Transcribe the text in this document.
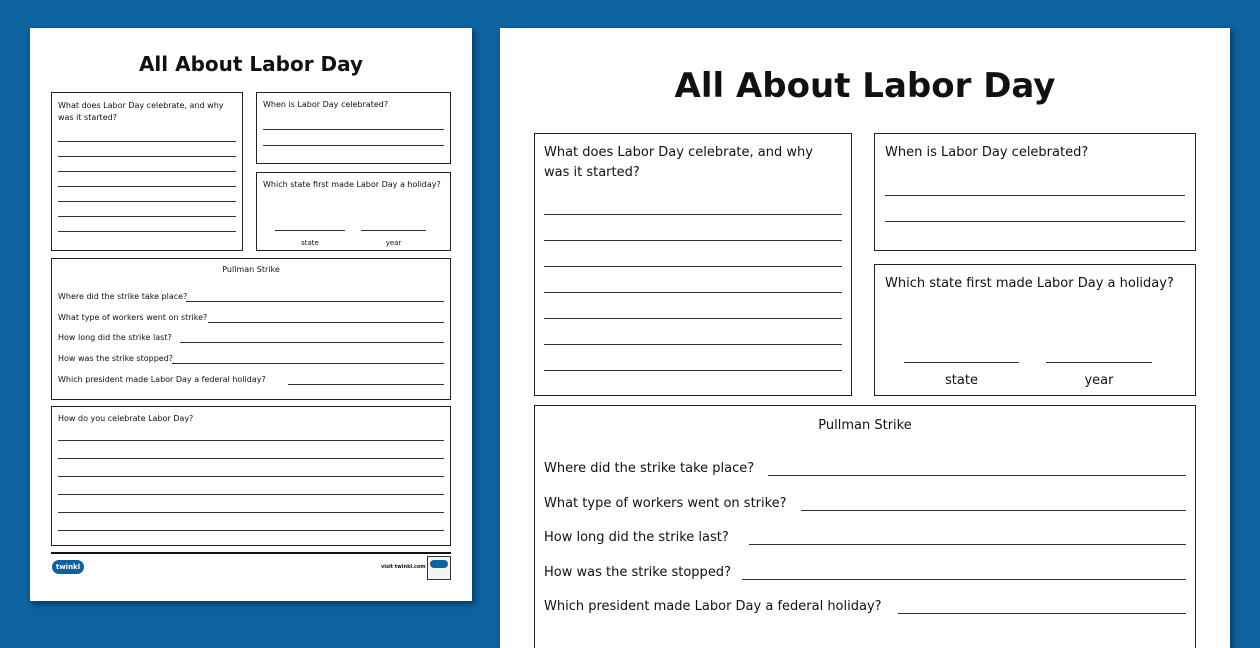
All About Labor Day
What does Labor Day celebrate, and why was it started?
When is Labor Day celebrated?
Which state first made Labor Day a holiday?
state	year
Pullman Strike
Where did the strike take place?
What type of workers went on strike?
How long did the strike last?
How was the strike stopped?
Which president made Labor Day a federal holiday?
How do you celebrate Labor Day?
twinkl	visit twinkl.com
All About Labor Day
What does Labor Day celebrate, and why
was it started?
When is Labor Day celebrated?
Which state first made Labor Day a holiday?
state	year
Pullman Strike
Where did the strike take place?
What type of workers went on strike?
How long did the strike last?
How was the strike stopped?
Which president made Labor Day a federal holiday?
